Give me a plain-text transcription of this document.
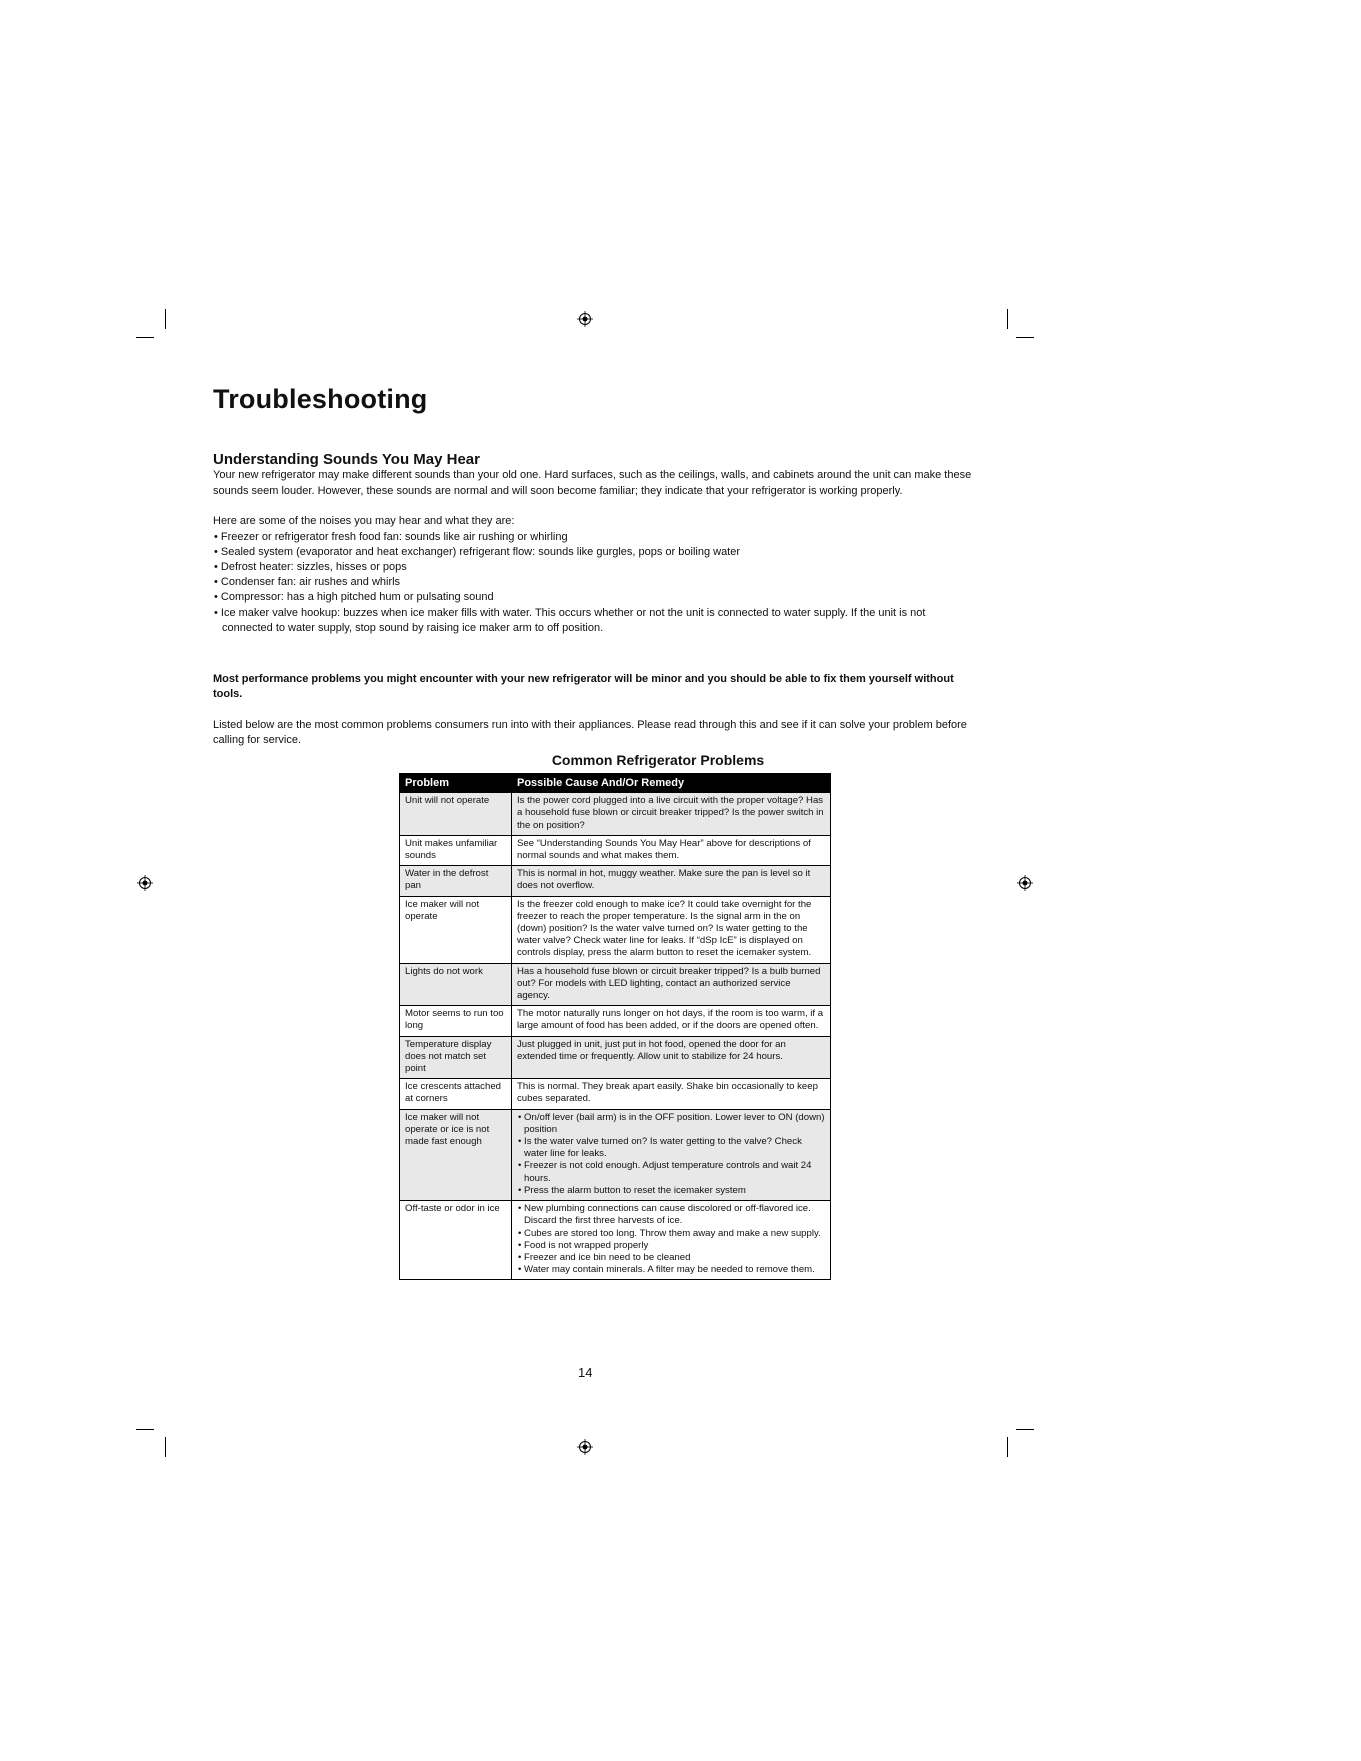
Troubleshooting
Understanding Sounds You May Hear

Your new refrigerator may make different sounds than your old one. Hard surfaces, such as the ceilings, walls, and cabinets around the unit can make these sounds seem louder. However, these sounds are normal and will soon become familiar; they indicate that your refrigerator is working properly.

Here are some of the noises you may hear and what they are:

• Freezer or refrigerator fresh food fan: sounds like air rushing or whirling
• Sealed system (evaporator and heat exchanger) refrigerant flow: sounds like gurgles, pops or boiling water
• Defrost heater: sizzles, hisses or pops
• Condenser fan: air rushes and whirls
• Compressor: has a high pitched hum or pulsating sound
• Ice maker valve hookup: buzzes when ice maker fills with water. This occurs whether or not the unit is connected to water supply. If the unit is not connected to water supply, stop sound by raising ice maker arm to off position.

Most performance problems you might encounter with your new refrigerator will be minor and you should be able to fix them yourself without tools.

Listed below are the most common problems consumers run into with their appliances. Please read through this and see if it can solve your problem before calling for service.

Common Refrigerator Problems
Problem	Possible Cause And/Or Remedy
Unit will not operate	Is the power cord plugged into a live circuit with the proper voltage? Has a household fuse blown or circuit breaker tripped? Is the power switch in the on position?
Unit makes unfamiliar sounds	See “Understanding Sounds You May Hear” above for descriptions of normal sounds and what makes them.
Water in the defrost pan	This is normal in hot, muggy weather. Make sure the pan is level so it does not overflow.
Ice maker will not operate	Is the freezer cold enough to make ice? It could take overnight for the freezer to reach the proper temperature. Is the signal arm in the on (down) position? Is the water valve turned on? Is water getting to the water valve? Check water line for leaks. If “dSp IcE” is displayed on controls display, press the alarm button to reset the icemaker system.
Lights do not work	Has a household fuse blown or circuit breaker tripped? Is a bulb burned out? For models with LED lighting, contact an authorized service agency.
Motor seems to run too long	The motor naturally runs longer on hot days, if the room is too warm, if a large amount of food has been added, or if the doors are opened often.
Temperature display does not match set point	Just plugged in unit, just put in hot food, opened the door for an extended time or frequently. Allow unit to stabilize for 24 hours.
Ice crescents attached at corners	This is normal. They break apart easily. Shake bin occasionally to keep cubes separated.
Ice maker will not operate or ice is not made fast enough	• On/off lever (bail arm) is in the OFF position. Lower lever to ON (down) position
• Is the water valve turned on? Is water getting to the valve? Check water line for leaks.
• Freezer is not cold enough. Adjust temperature controls and wait 24 hours.
• Press the alarm button to reset the icemaker system

Off-taste or odor in ice	• New plumbing connections can cause discolored or off-flavored ice. Discard the first three harvests of ice.
• Cubes are stored too long. Throw them away and make a new supply.
• Food is not wrapped properly
• Freezer and ice bin need to be cleaned
• Water may contain minerals. A filter may be needed to remove them.
14
